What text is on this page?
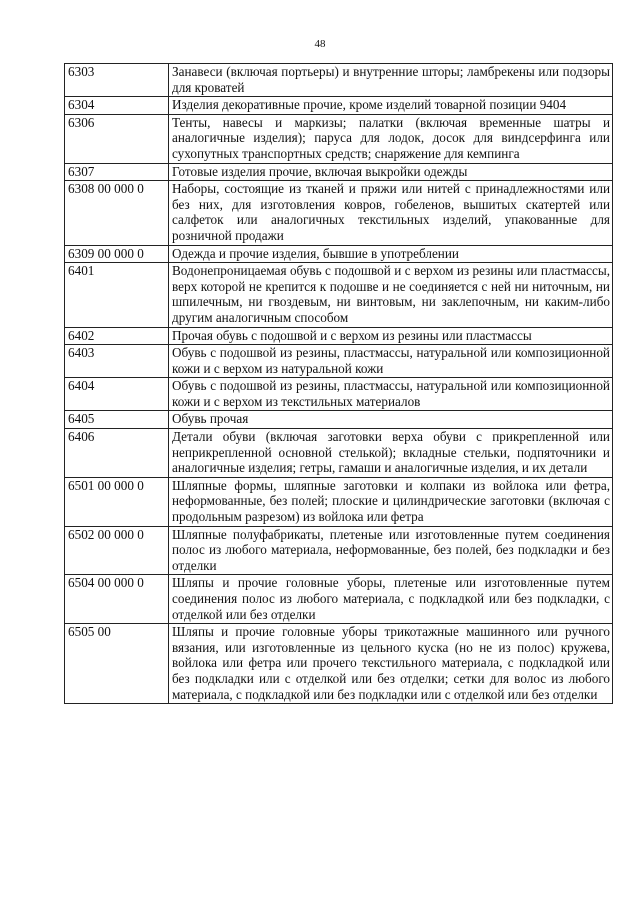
48
6303	Занавеси (включая портьеры) и внутренние шторы; ламбрекены или подзоры для кроватей
6304	Изделия декоративные прочие, кроме изделий товарной позиции 9404
6306	Тенты, навесы и маркизы; палатки (включая временные шатры и аналогичные изделия); паруса для лодок, досок для виндсерфинга или сухопутных транспортных средств; снаряжение для кемпинга
6307	Готовые изделия прочие, включая выкройки одежды
6308 00 000 0	Наборы, состоящие из тканей и пряжи или нитей с принадлежностями или без них, для изготовления ковров, гобеленов, вышитых скатертей или салфеток или аналогичных текстильных изделий, упакованные для розничной продажи
6309 00 000 0	Одежда и прочие изделия, бывшие в употреблении
6401	Водонепроницаемая обувь с подошвой и с верхом из резины или пластмассы, верх которой не крепится к подошве и не соединяется с ней ни ниточным, ни шпилечным, ни гвоздевым, ни винтовым, ни заклепочным, ни каким-либо другим аналогичным способом
6402	Прочая обувь с подошвой и с верхом из резины или пластмассы
6403	Обувь с подошвой из резины, пластмассы, натуральной или композиционной кожи и с верхом из натуральной кожи
6404	Обувь с подошвой из резины, пластмассы, натуральной или композиционной кожи и с верхом из текстильных материалов
6405	Обувь прочая
6406	Детали обуви (включая заготовки верха обуви с прикрепленной или неприкрепленной основной стелькой); вкладные стельки, подпяточники и аналогичные изделия; гетры, гамаши и аналогичные изделия, и их детали
6501 00 000 0	Шляпные формы, шляпные заготовки и колпаки из войлока или фетра, неформованные, без полей; плоские и цилиндрические заготовки (включая с продольным разрезом) из войлока или фетра
6502 00 000 0	Шляпные полуфабрикаты, плетеные или изготовленные путем соединения полос из любого материала, неформованные, без полей, без подкладки и без отделки
6504 00 000 0	Шляпы и прочие головные уборы, плетеные или изготовленные путем соединения полос из любого материала, с подкладкой или без подкладки, с отделкой или без отделки
6505 00	Шляпы и прочие головные уборы трикотажные машинного или ручного вязания, или изготовленные из цельного куска (но не из полос) кружева, войлока или фетра или прочего текстильного материала, с подкладкой или без подкладки или с отделкой или без отделки; сетки для волос из любого материала, с подкладкой или без подкладки или с отделкой или без отделки
